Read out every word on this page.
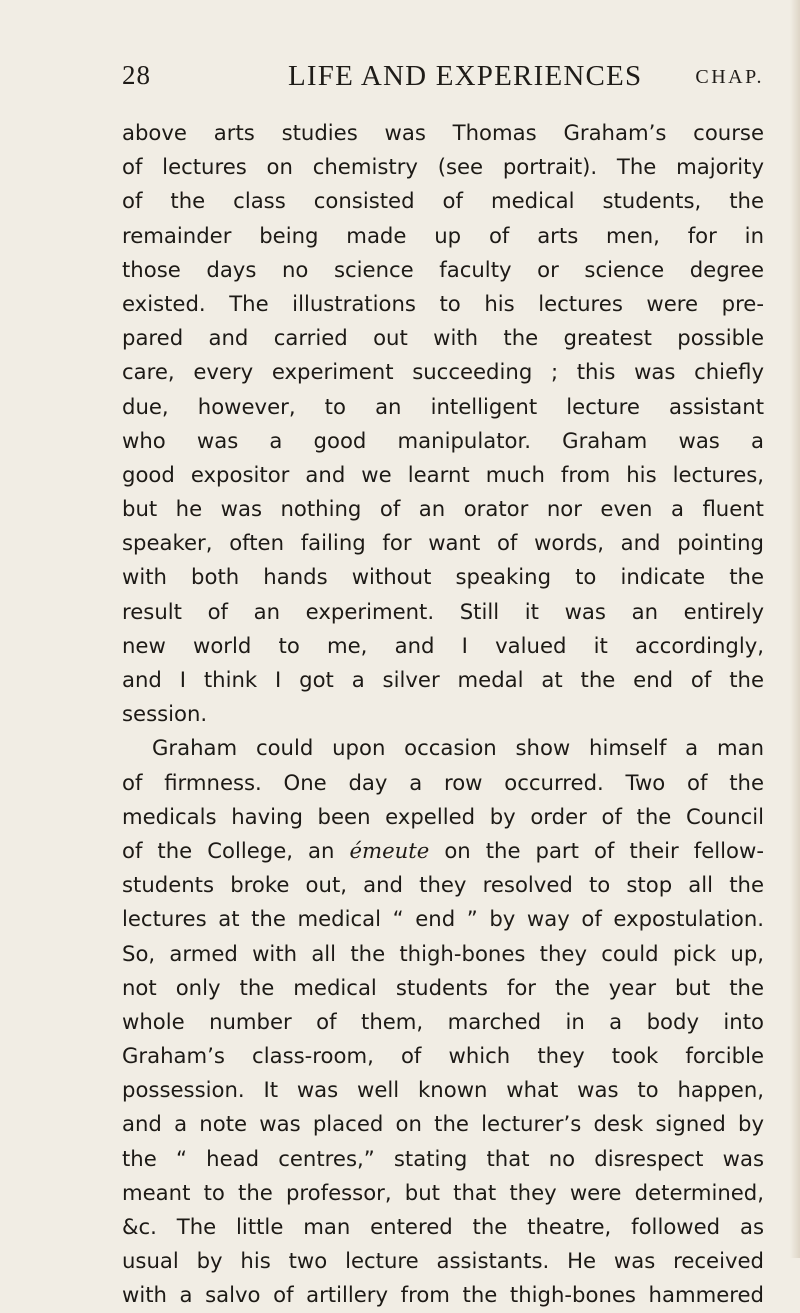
28	LIFE AND EXPERIENCES	CHAP.
above arts studies was Thomas Graham’s course
of lectures on chemistry (see portrait). The majority
of the class consisted of medical students, the
remainder being made up of arts men, for in
those days no science faculty or science degree
existed. The illustrations to his lectures were pre-
pared and carried out with the greatest possible
care, every experiment succeeding ; this was chiefly
due, however, to an intelligent lecture assistant
who was a good manipulator. Graham was a
good expositor and we learnt much from his lectures,
but he was nothing of an orator nor even a fluent
speaker, often failing for want of words, and pointing
with both hands without speaking to indicate the
result of an experiment. Still it was an entirely
new world to me, and I valued it accordingly,
and I think I got a silver medal at the end of the
session.
Graham could upon occasion show himself a man
of firmness. One day a row occurred. Two of the
medicals having been expelled by order of the Council
of the College, an émeute on the part of their fellow-
students broke out, and they resolved to stop all the
lectures at the medical “ end ” by way of expostulation.
So, armed with all the thigh-bones they could pick up,
not only the medical students for the year but the
whole number of them, marched in a body into
Graham’s class-room, of which they took forcible
possession. It was well known what was to happen,
and a note was placed on the lecturer’s desk signed by
the “ head centres,” stating that no disrespect was
meant to the professor, but that they were determined,
&c. The little man entered the theatre, followed as
usual by his two lecture assistants. He was received
with a salvo of artillery from the thigh-bones hammered
